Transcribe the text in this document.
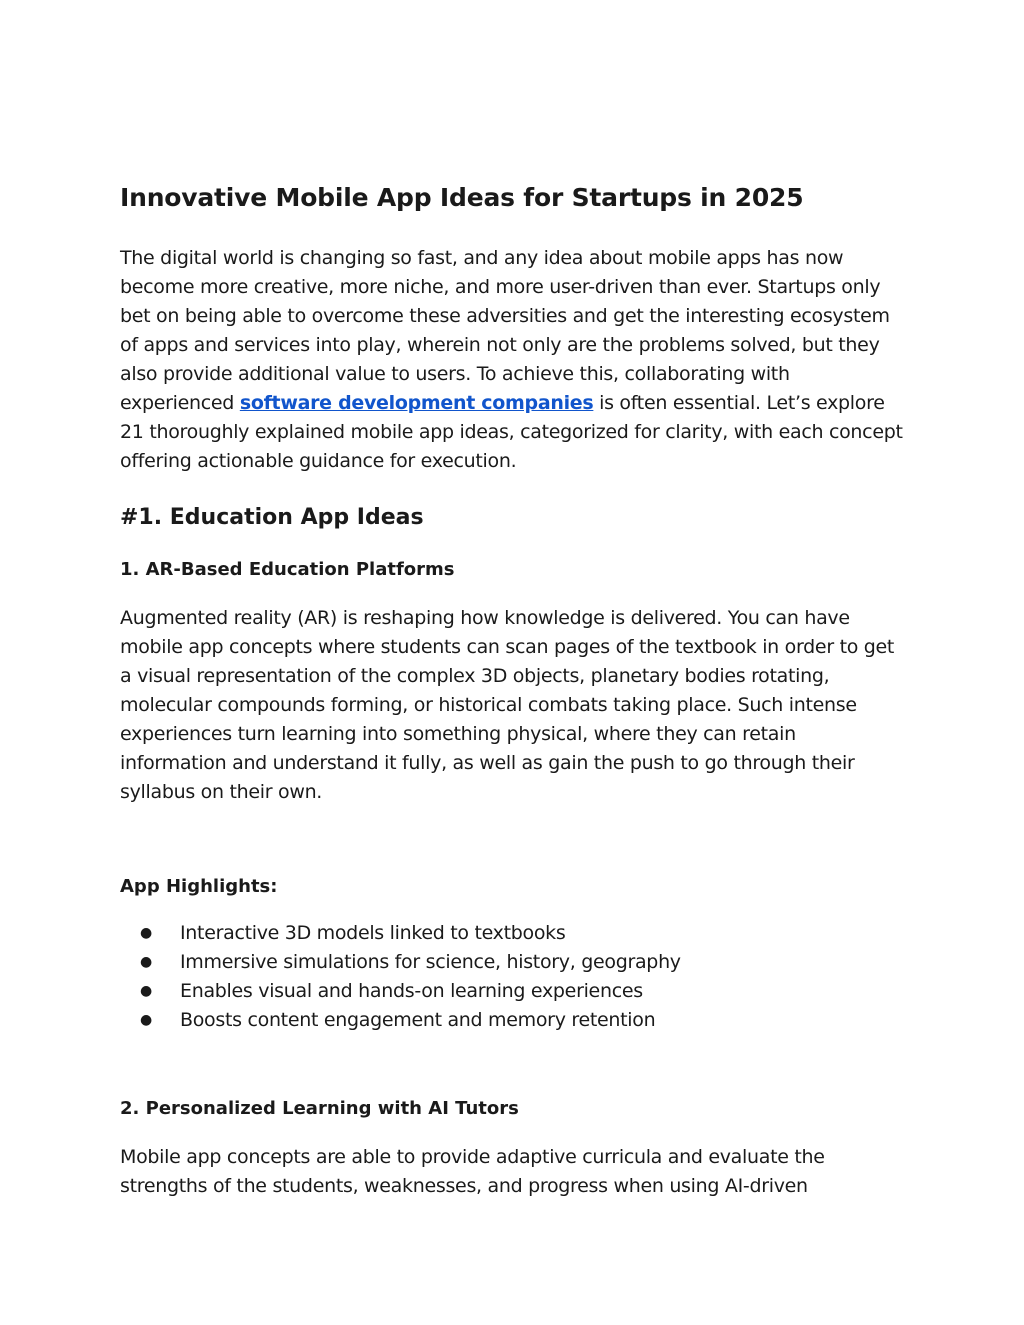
Innovative Mobile App Ideas for Startups in 2025

The digital world is changing so fast, and any idea about mobile apps has now become more creative, more niche, and more user-driven than ever. Startups only bet on being able to overcome these adversities and get the interesting ecosystem of apps and services into play, wherein not only are the problems solved, but they also provide additional value to users. To achieve this, collaborating with experienced software development companies is often essential. Let’s explore 21 thoroughly explained mobile app ideas, categorized for clarity, with each concept offering actionable guidance for execution.

#1. Education App Ideas
1. AR-Based Education Platforms

Augmented reality (AR) is reshaping how knowledge is delivered. You can have mobile app concepts where students can scan pages of the textbook in order to get a visual representation of the complex 3D objects, planetary bodies rotating, molecular compounds forming, or historical combats taking place. Such intense experiences turn learning into something physical, where they can retain information and understand it fully, as well as gain the push to go through their syllabus on their own.

App Highlights:
●	Interactive 3D models linked to textbooks
●	Immersive simulations for science, history, geography
●	Enables visual and hands-on learning experiences
●	Boosts content engagement and memory retention
2. Personalized Learning with AI Tutors

Mobile app concepts are able to provide adaptive curricula and evaluate the strengths of the students, weaknesses, and progress when using AI-driven
